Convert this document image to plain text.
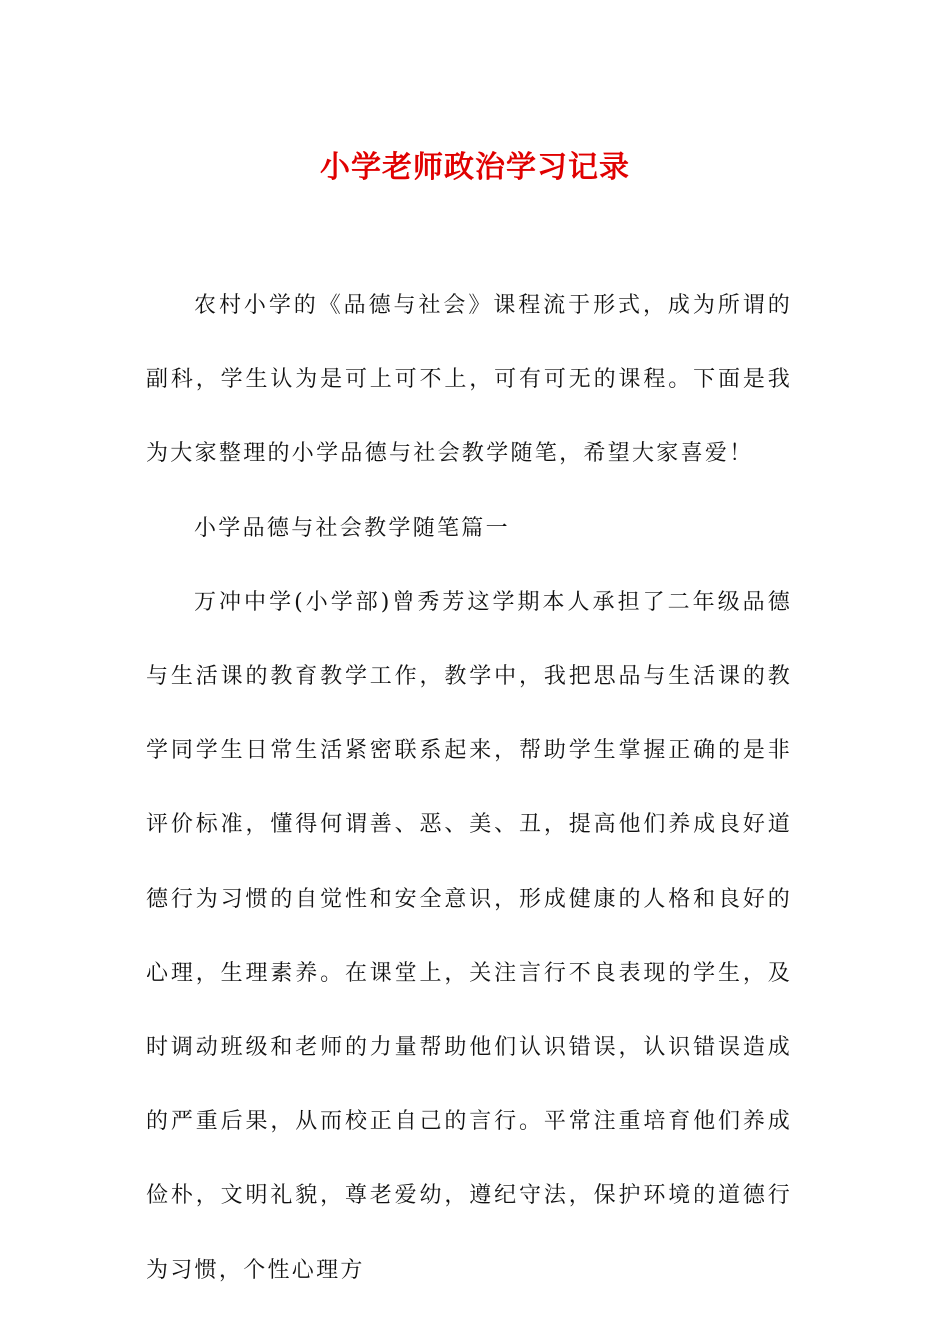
小学老师政治学习记录

农村小学的《品德与社会》课程流于形式，成为所谓的副科，学生认为是可上可不上，可有可无的课程。下面是我为大家整理的小学品德与社会教学随笔，希望大家喜爱！

小学品德与社会教学随笔篇一

万冲中学(小学部)曾秀芳这学期本人承担了二年级品德与生活课的教育教学工作，教学中，我把思品与生活课的教学同学生日常生活紧密联系起来，帮助学生掌握正确的是非评价标准，懂得何谓善、恶、美、丑，提高他们养成良好道德行为习惯的自觉性和安全意识，形成健康的人格和良好的心理，生理素养。在课堂上，关注言行不良表现的学生，及时调动班级和老师的力量帮助他们认识错误，认识错误造成的严重后果，从而校正自己的言行。平常注重培育他们养成俭朴，文明礼貌，尊老爱幼，遵纪守法，保护环境的道德行为习惯，个性心理方
